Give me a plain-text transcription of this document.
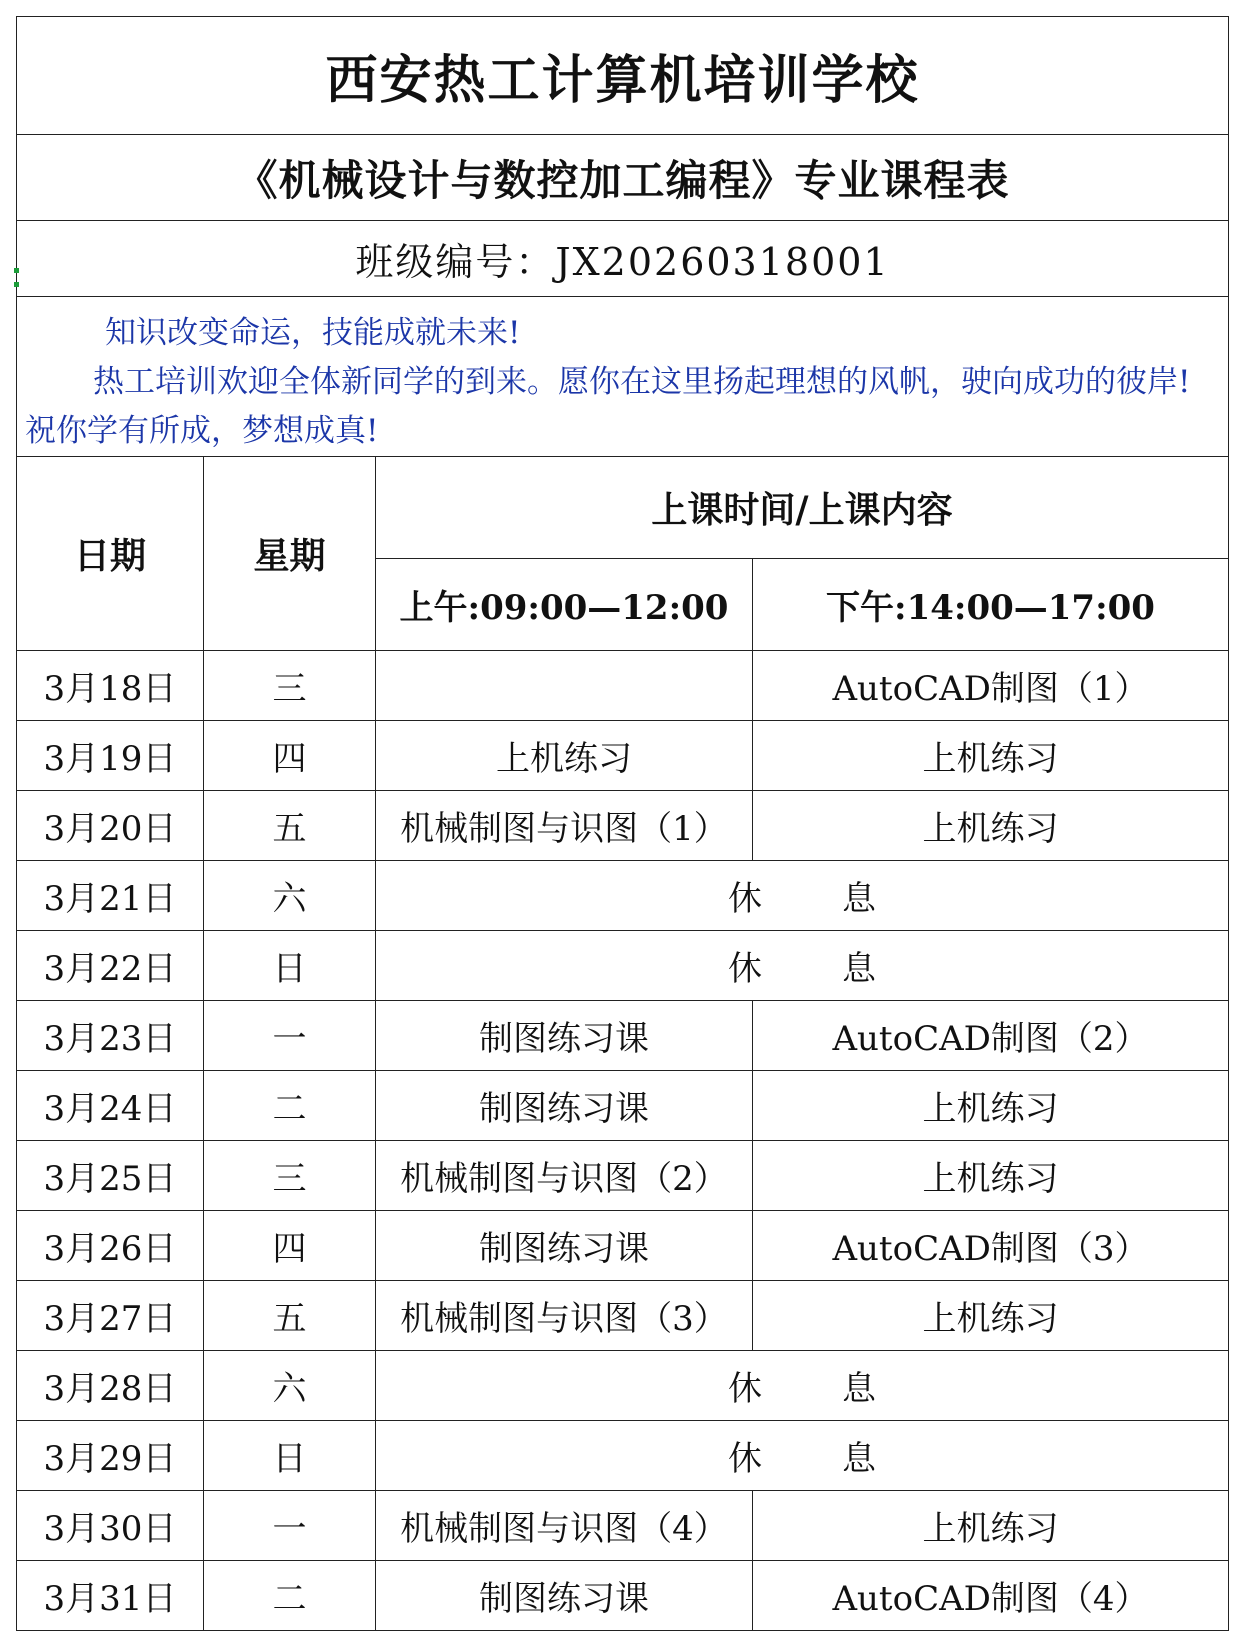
西安热工计算机培训学校			
《机械设计与数控加工编程》专业课程表			
班级编号：JX20260318001			

知识改变命运，技能成就未来!
热工培训欢迎全体新同学的到来。愿你在这里扬起理想的风帆，驶向成功的彼岸! 祝你学有所成，梦想成真!			

日期	星期	上课时间/上课内容	
		上午:09:00—12:00	下午:14:00—17:00
3月18日	三		AutoCAD制图（1）
3月19日	四	上机练习	上机练习
3月20日	五	机械制图与识图（1）	上机练习
3月21日	六	休息	
3月22日	日	休息	
3月23日	一	制图练习课	AutoCAD制图（2）
3月24日	二	制图练习课	上机练习
3月25日	三	机械制图与识图（2）	上机练习
3月26日	四	制图练习课	AutoCAD制图（3）
3月27日	五	机械制图与识图（3）	上机练习
3月28日	六	休息	
3月29日	日	休息	
3月30日	一	机械制图与识图（4）	上机练习
3月31日	二	制图练习课	AutoCAD制图（4）
